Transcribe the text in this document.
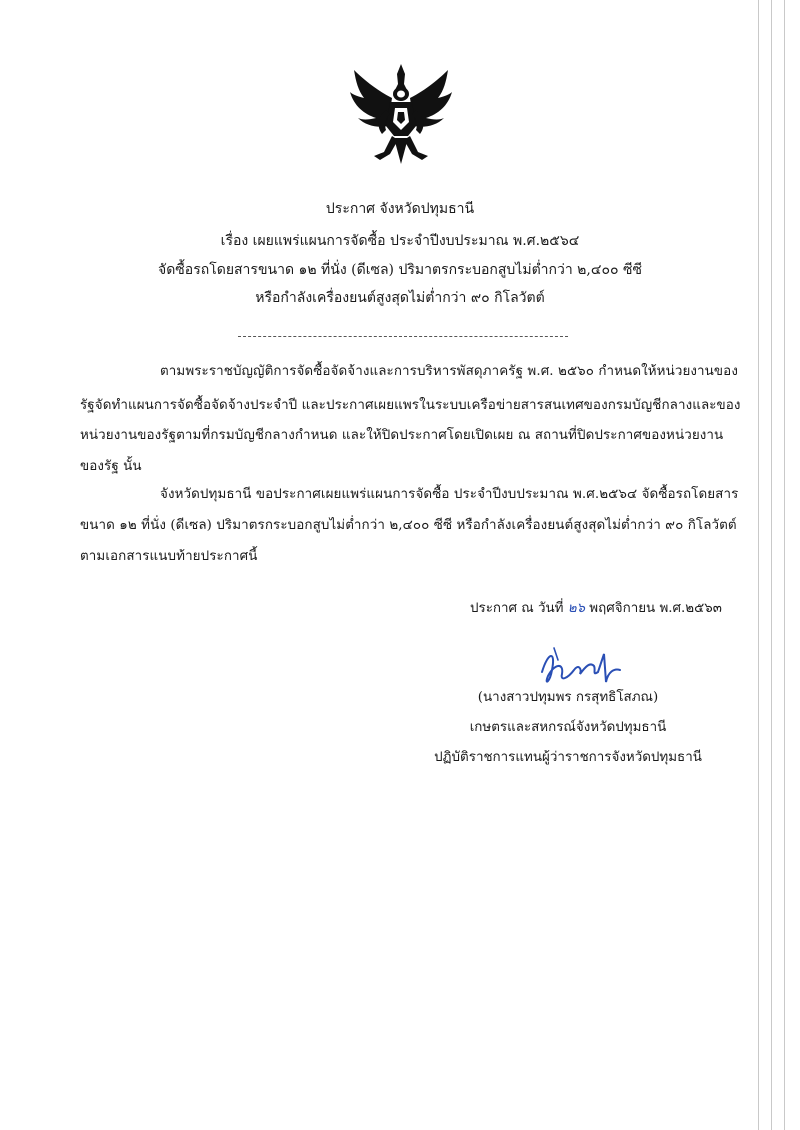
ประกาศ จังหวัดปทุมธานี
เรื่อง เผยแพร่แผนการจัดซื้อ ประจำปีงบประมาณ พ.ศ.๒๕๖๔
จัดซื้อรถโดยสารขนาด ๑๒ ที่นั่ง (ดีเซล) ปริมาตรกระบอกสูบไม่ต่ำกว่า ๒,๔๐๐ ซีซี
หรือกำลังเครื่องยนต์สูงสุดไม่ต่ำกว่า ๙๐ กิโลวัตต์
ตามพระราชบัญญัติการจัดซื้อจัดจ้างและการบริหารพัสดุภาครัฐ พ.ศ. ๒๕๖๐ กำหนดให้หน่วยงานของ
รัฐจัดทำแผนการจัดซื้อจัดจ้างประจำปี และประกาศเผยแพรในระบบเครือข่ายสารสนเทศของกรมบัญชีกลางและของ
หน่วยงานของรัฐตามที่กรมบัญชีกลางกำหนด และให้ปิดประกาศโดยเปิดเผย ณ สถานที่ปิดประกาศของหน่วยงาน
ของรัฐ นั้น
จังหวัดปทุมธานี ขอประกาศเผยแพร่แผนการจัดซื้อ ประจำปีงบประมาณ พ.ศ.๒๕๖๔ จัดซื้อรถโดยสาร
ขนาด ๑๒ ที่นั่ง (ดีเซล) ปริมาตรกระบอกสูบไม่ต่ำกว่า ๒,๔๐๐ ซีซี หรือกำลังเครื่องยนต์สูงสุดไม่ต่ำกว่า ๙๐ กิโลวัตต์
ตามเอกสารแนบท้ายประกาศนี้
ประกาศ ณ วันที่ ๒๖ พฤศจิกายน พ.ศ.๒๕๖๓
(นางสาวปทุมพร กรสุทธิโสภณ)
เกษตรและสหกรณ์จังหวัดปทุมธานี
ปฏิบัติราชการแทนผู้ว่าราชการจังหวัดปทุมธานี
